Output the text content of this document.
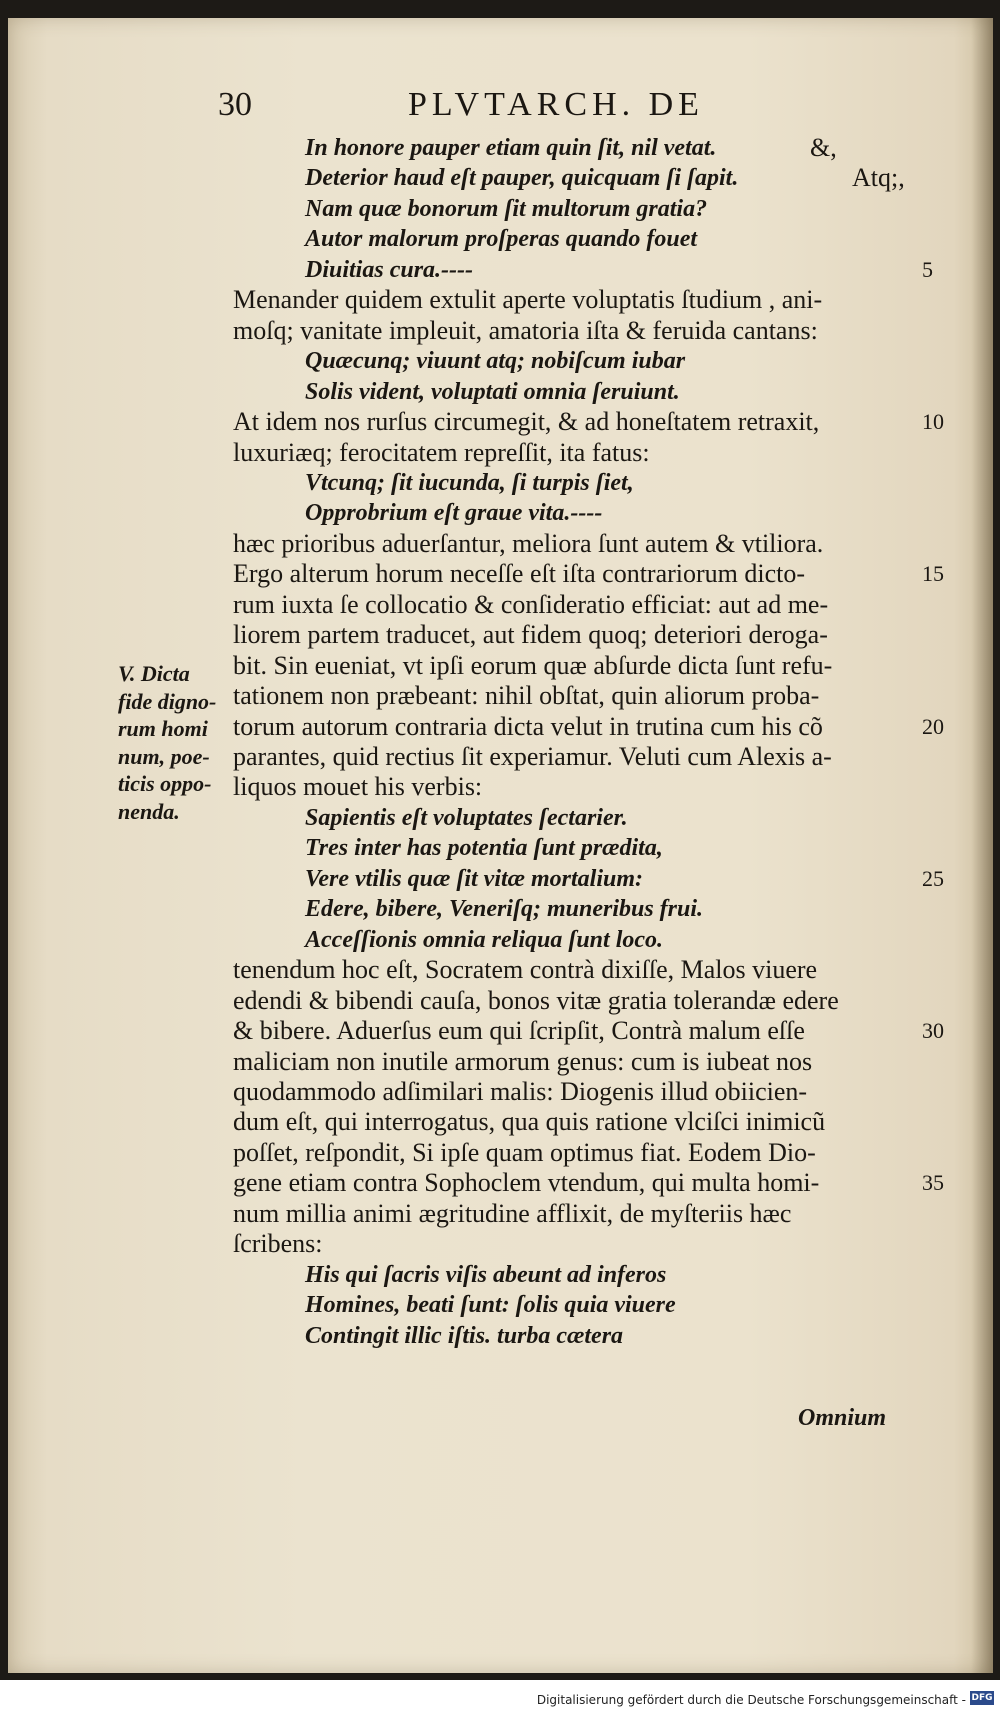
30	PLVTARCH. DE
In honore pauper etiam quin ſit, nil vetat.	&,
Deterior haud eſt pauper, quicquam ſi ſapit.	Atq;,
Nam quæ bonorum ſit multorum gratia?
Autor malorum proſperas quando fouet
Diuitias cura.----
Menander quidem extulit aperte voluptatis ſtudium , ani-
moſq; vanitate impleuit, amatoria iſta & feruida cantans:
Quæcunq; viuunt atq; nobiſcum iubar
Solis vident, voluptati omnia ſeruiunt.
At idem nos rurſus circumegit, & ad honeſtatem retraxit,
luxuriæq; ferocitatem repreſſit, ita fatus:
Vtcunq; ſit iucunda, ſi turpis ſiet,
Opprobrium eſt graue vita.----
hæc prioribus aduerſantur, meliora ſunt autem & vtiliora.
Ergo alterum horum neceſſe eſt iſta contrariorum dicto-
rum iuxta ſe collocatio & conſideratio efficiat: aut ad me-
liorem partem traducet, aut fidem quoq; deteriori deroga-
bit. Sin eueniat, vt ipſi eorum quæ abſurde dicta ſunt refu-
tationem non præbeant: nihil obſtat, quin aliorum proba-
torum autorum contraria dicta velut in trutina cum his cõ
parantes, quid rectius ſit experiamur. Veluti cum Alexis a-
liquos mouet his verbis:
Sapientis eſt voluptates ſectarier.
Tres inter has potentia ſunt prædita,
Vere vtilis quæ ſit vitæ mortalium:
Edere, bibere, Veneriſq; muneribus frui.
Acceſſionis omnia reliqua ſunt loco.
tenendum hoc eſt, Socratem contrà dixiſſe, Malos viuere
edendi & bibendi cauſa, bonos vitæ gratia tolerandæ edere
& bibere. Aduerſus eum qui ſcripſit, Contrà malum eſſe
maliciam non inutile armorum genus: cum is iubeat nos
quodammodo adſimilari malis: Diogenis illud obiicien-
dum eſt, qui interrogatus, qua quis ratione vlciſci inimicũ
poſſet, reſpondit, Si ipſe quam optimus fiat. Eodem Dio-
gene etiam contra Sophoclem vtendum, qui multa homi-
num millia animi ægritudine afflixit, de myſteriis hæc
ſcribens:
His qui ſacris viſis abeunt ad inferos
Homines, beati ſunt: ſolis quia viuere
Contingit illic iſtis. turba cætera
5
10
15
20
25
30
35
V. Dicta
fide digno-
rum homi
num, poe-
ticis oppo-
nenda.
Omnium
Digitalisierung gefördert durch die Deutsche Forschungsgemeinschaft - DFG
